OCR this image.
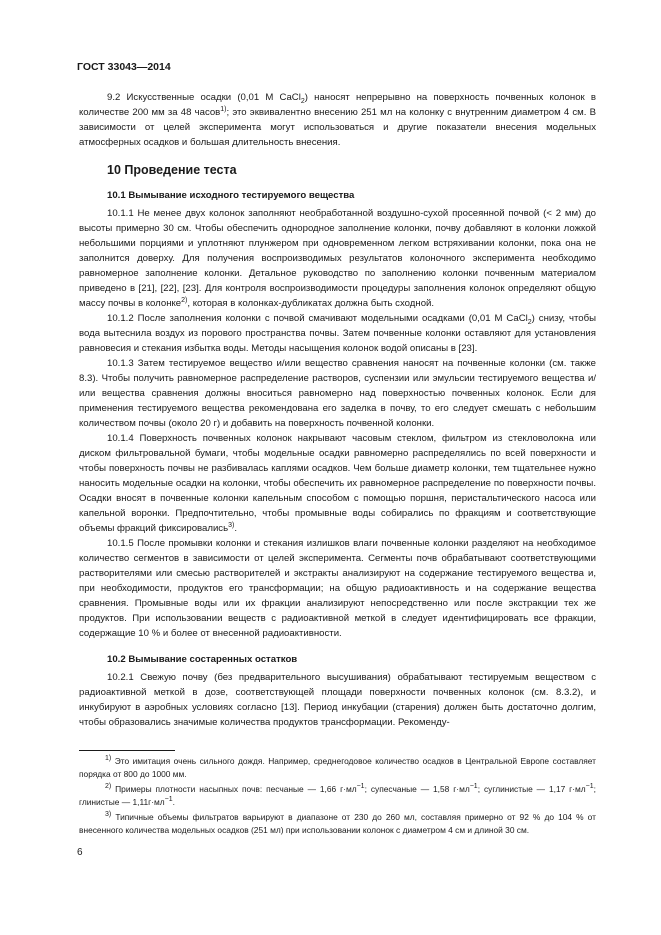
ГОСТ 33043—2014

9.2 Искусственные осадки (0,01 М CaCl$_2$) наносят непрерывно на поверхность почвенных колонок в количестве 200 мм за 48 часов$^{1)}$; это эквивалентно внесению 251 мл на колонку с внутренним диаметром 4 см. В зависимости от целей эксперимента могут использоваться и другие показатели внесения модельных атмосферных осадков и большая длительность внесения.

10 Проведение теста
10.1 Вымывание исходного тестируемого вещества

10.1.1 Не менее двух колонок заполняют необработанной воздушно-сухой просеянной почвой (< 2 мм) до высоты примерно 30 см. Чтобы обеспечить однородное заполнение колонки, почву добавляют в колонки ложкой небольшими порциями и уплотняют плунжером при одновременном легком встряхивании колонки, пока она не заполнится доверху. Для получения воспроизводимых результатов колоночного эксперимента необходимо равномерное заполнение колонки. Детальное руководство по заполнению колонки почвенным материалом приведено в [21], [22], [23]. Для контроля воспроизводимости процедуры заполнения колонок определяют общую массу почвы в колонке$^{2)}$, которая в колонках-дубликатах должна быть сходной.

10.1.2 После заполнения колонки с почвой смачивают модельными осадками (0,01 М CaCl$_2$) снизу, чтобы вода вытеснила воздух из порового пространства почвы. Затем почвенные колонки оставляют для установления равновесия и стекания избытка воды. Методы насыщения колонок водой описаны в [23].

10.1.3 Затем тестируемое вещество и/или вещество сравнения наносят на почвенные колонки (см. также 8.3). Чтобы получить равномерное распределение растворов, суспензии или эмульсии тестируемого вещества и/или вещества сравнения должны вноситься равномерно над поверхностью почвенных колонок. Если для применения тестируемого вещества рекомендована его заделка в почву, то его следует смешать с небольшим количеством почвы (около 20 г) и добавить на поверхность почвенной колонки.

10.1.4 Поверхность почвенных колонок накрывают часовым стеклом, фильтром из стекловолокна или диском фильтровальной бумаги, чтобы модельные осадки равномерно распределялись по всей поверхности и чтобы поверхность почвы не разбивалась каплями осадков. Чем больше диаметр колонки, тем тщательнее нужно наносить модельные осадки на колонки, чтобы обеспечить их равномерное распределение по поверхности почвы. Осадки вносят в почвенные колонки капельным способом с помощью поршня, перистальтического насоса или капельной воронки. Предпочтительно, чтобы промывные воды собирались по фракциям и соответствующие объемы фракций фиксировались$^{3)}$.

10.1.5 После промывки колонки и стекания излишков влаги почвенные колонки разделяют на необходимое количество сегментов в зависимости от целей эксперимента. Сегменты почв обрабатывают соответствующими растворителями или смесью растворителей и экстракты анализируют на содержание тестируемого вещества и, при необходимости, продуктов его трансформации; на общую радиоактивность и на содержание вещества сравнения. Промывные воды или их фракции анализируют непосредственно или после экстракции тех же продуктов. При использовании веществ с радиоактивной меткой в следует идентифицировать все фракции, содержащие 10 % и более от внесенной радиоактивности.

10.2 Вымывание состаренных остатков

10.2.1 Свежую почву (без предварительного высушивания) обрабатывают тестируемым веществом с радиоактивной меткой в дозе, соответствующей площади поверхности почвенных колонок (см. 8.3.2), и инкубируют в аэробных условиях согласно [13]. Период инкубации (старения) должен быть достаточно долгим, чтобы образовались значимые количества продуктов трансформации. Рекоменду-

$^{1)}$ Это имитация очень сильного дождя. Например, среднегодовое количество осадков в Центральной Европе составляет порядка от 800 до 1000 мм.

$^{2)}$ Примеры плотности насыпных почв: песчаные — 1,66 $г\cdot мл^{-1}$; супесчаные — 1,58 $г\cdot мл^{-1}$; суглинистые — 1,17 $г\cdot мл^{-1}$; глинистые — $1,11г\cdot мл^{-1}$.

$^{3)}$ Типичные объемы фильтратов варьируют в диапазоне от 230 до 260 мл, составляя примерно от 92 % до 104 % от внесенного количества модельных осадков (251 мл) при использовании колонок с диаметром 4 см и длиной 30 см.

6
